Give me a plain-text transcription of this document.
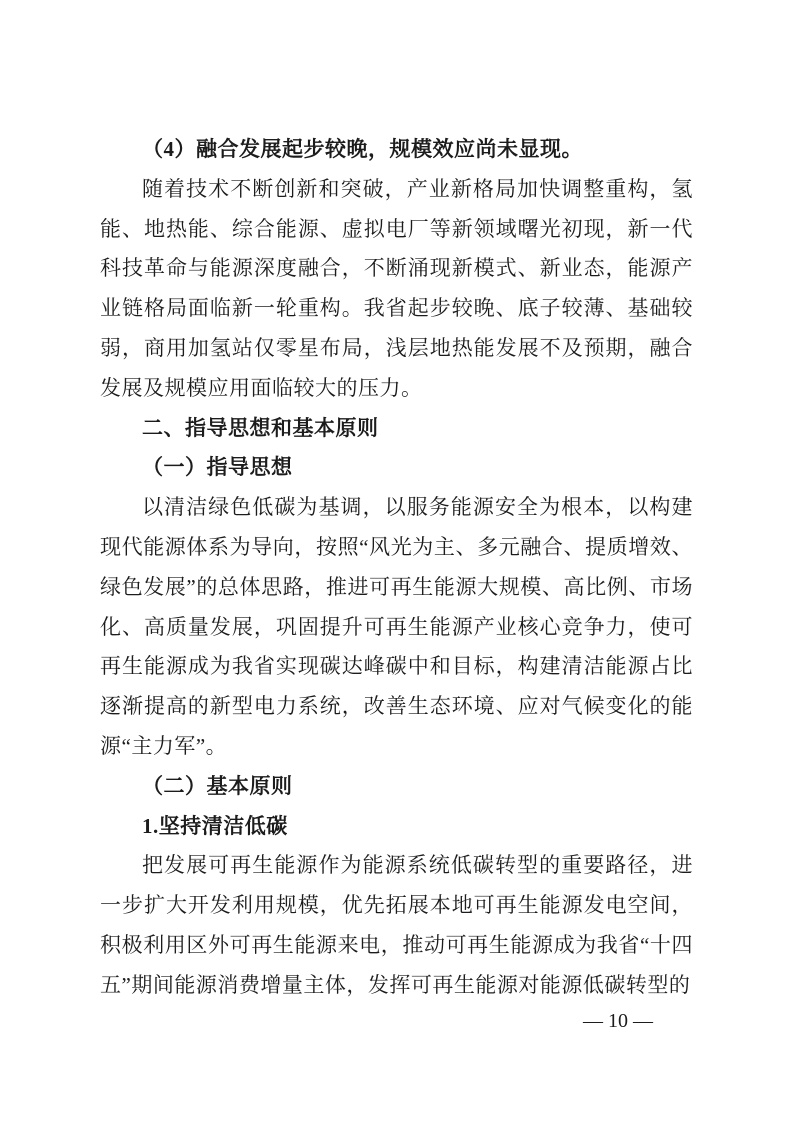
（4）融合发展起步较晚，规模效应尚未显现。

随着技术不断创新和突破，产业新格局加快调整重构，氢能、地热能、综合能源、虚拟电厂等新领域曙光初现，新一代科技革命与能源深度融合，不断涌现新模式、新业态，能源产业链格局面临新一轮重构。我省起步较晚、底子较薄、基础较弱，商用加氢站仅零星布局，浅层地热能发展不及预期，融合发展及规模应用面临较大的压力。

二、指导思想和基本原则

（一）指导思想

以清洁绿色低碳为基调，以服务能源安全为根本，以构建现代能源体系为导向，按照“风光为主、多元融合、提质增效、绿色发展”的总体思路，推进可再生能源大规模、高比例、市场化、高质量发展，巩固提升可再生能源产业核心竞争力，使可再生能源成为我省实现碳达峰碳中和目标，构建清洁能源占比逐渐提高的新型电力系统，改善生态环境、应对气候变化的能源“主力军”。

（二）基本原则

1.坚持清洁低碳

把发展可再生能源作为能源系统低碳转型的重要路径，进一步扩大开发利用规模，优先拓展本地可再生能源发电空间，积极利用区外可再生能源来电，推动可再生能源成为我省“十四五”期间能源消费增量主体，发挥可再生能源对能源低碳转型的

— 10 —
